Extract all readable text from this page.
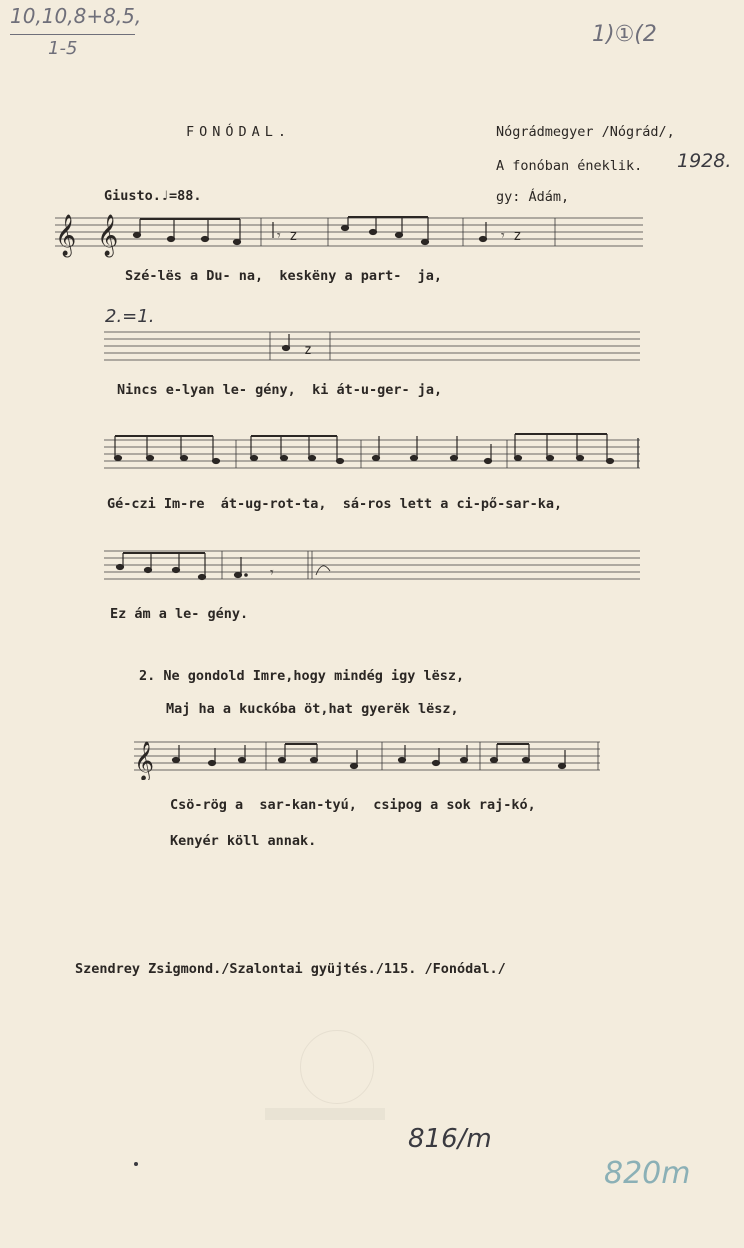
10,10,8+8,5,
1-5
1)①(2
FONÓDAL.	Nógrádmegyer /Nógrád/,
A fonóban éneklik. 1928.
Giusto.♩=88.	gy: Ádám,
𝄞 𝄞	𝄾 z	𝄾 z
Szé-lës a Du- na,  keskëny a part-  ja,
2.=1.
z
Nincs e-lyan le- gény,  ki át-u-ger- ja,
Gé-czi Im-re  át-ug-rot-ta,  sá-ros lett a ci-pő-sar-ka,
𝄾
Ez ám a le- gény.
2. Ne gondold Imre,hogy mindég igy lësz,
Maj ha a kuckóba öt,hat gyerëk lësz,
𝄞
Csö-rög a  sar-kan-tyú,  csipog a sok raj-kó,
Kenyér köll annak.
Szendrey Zsigmond./Szalontai gyüjtés./115. /Fonódal./
816/m
820m
